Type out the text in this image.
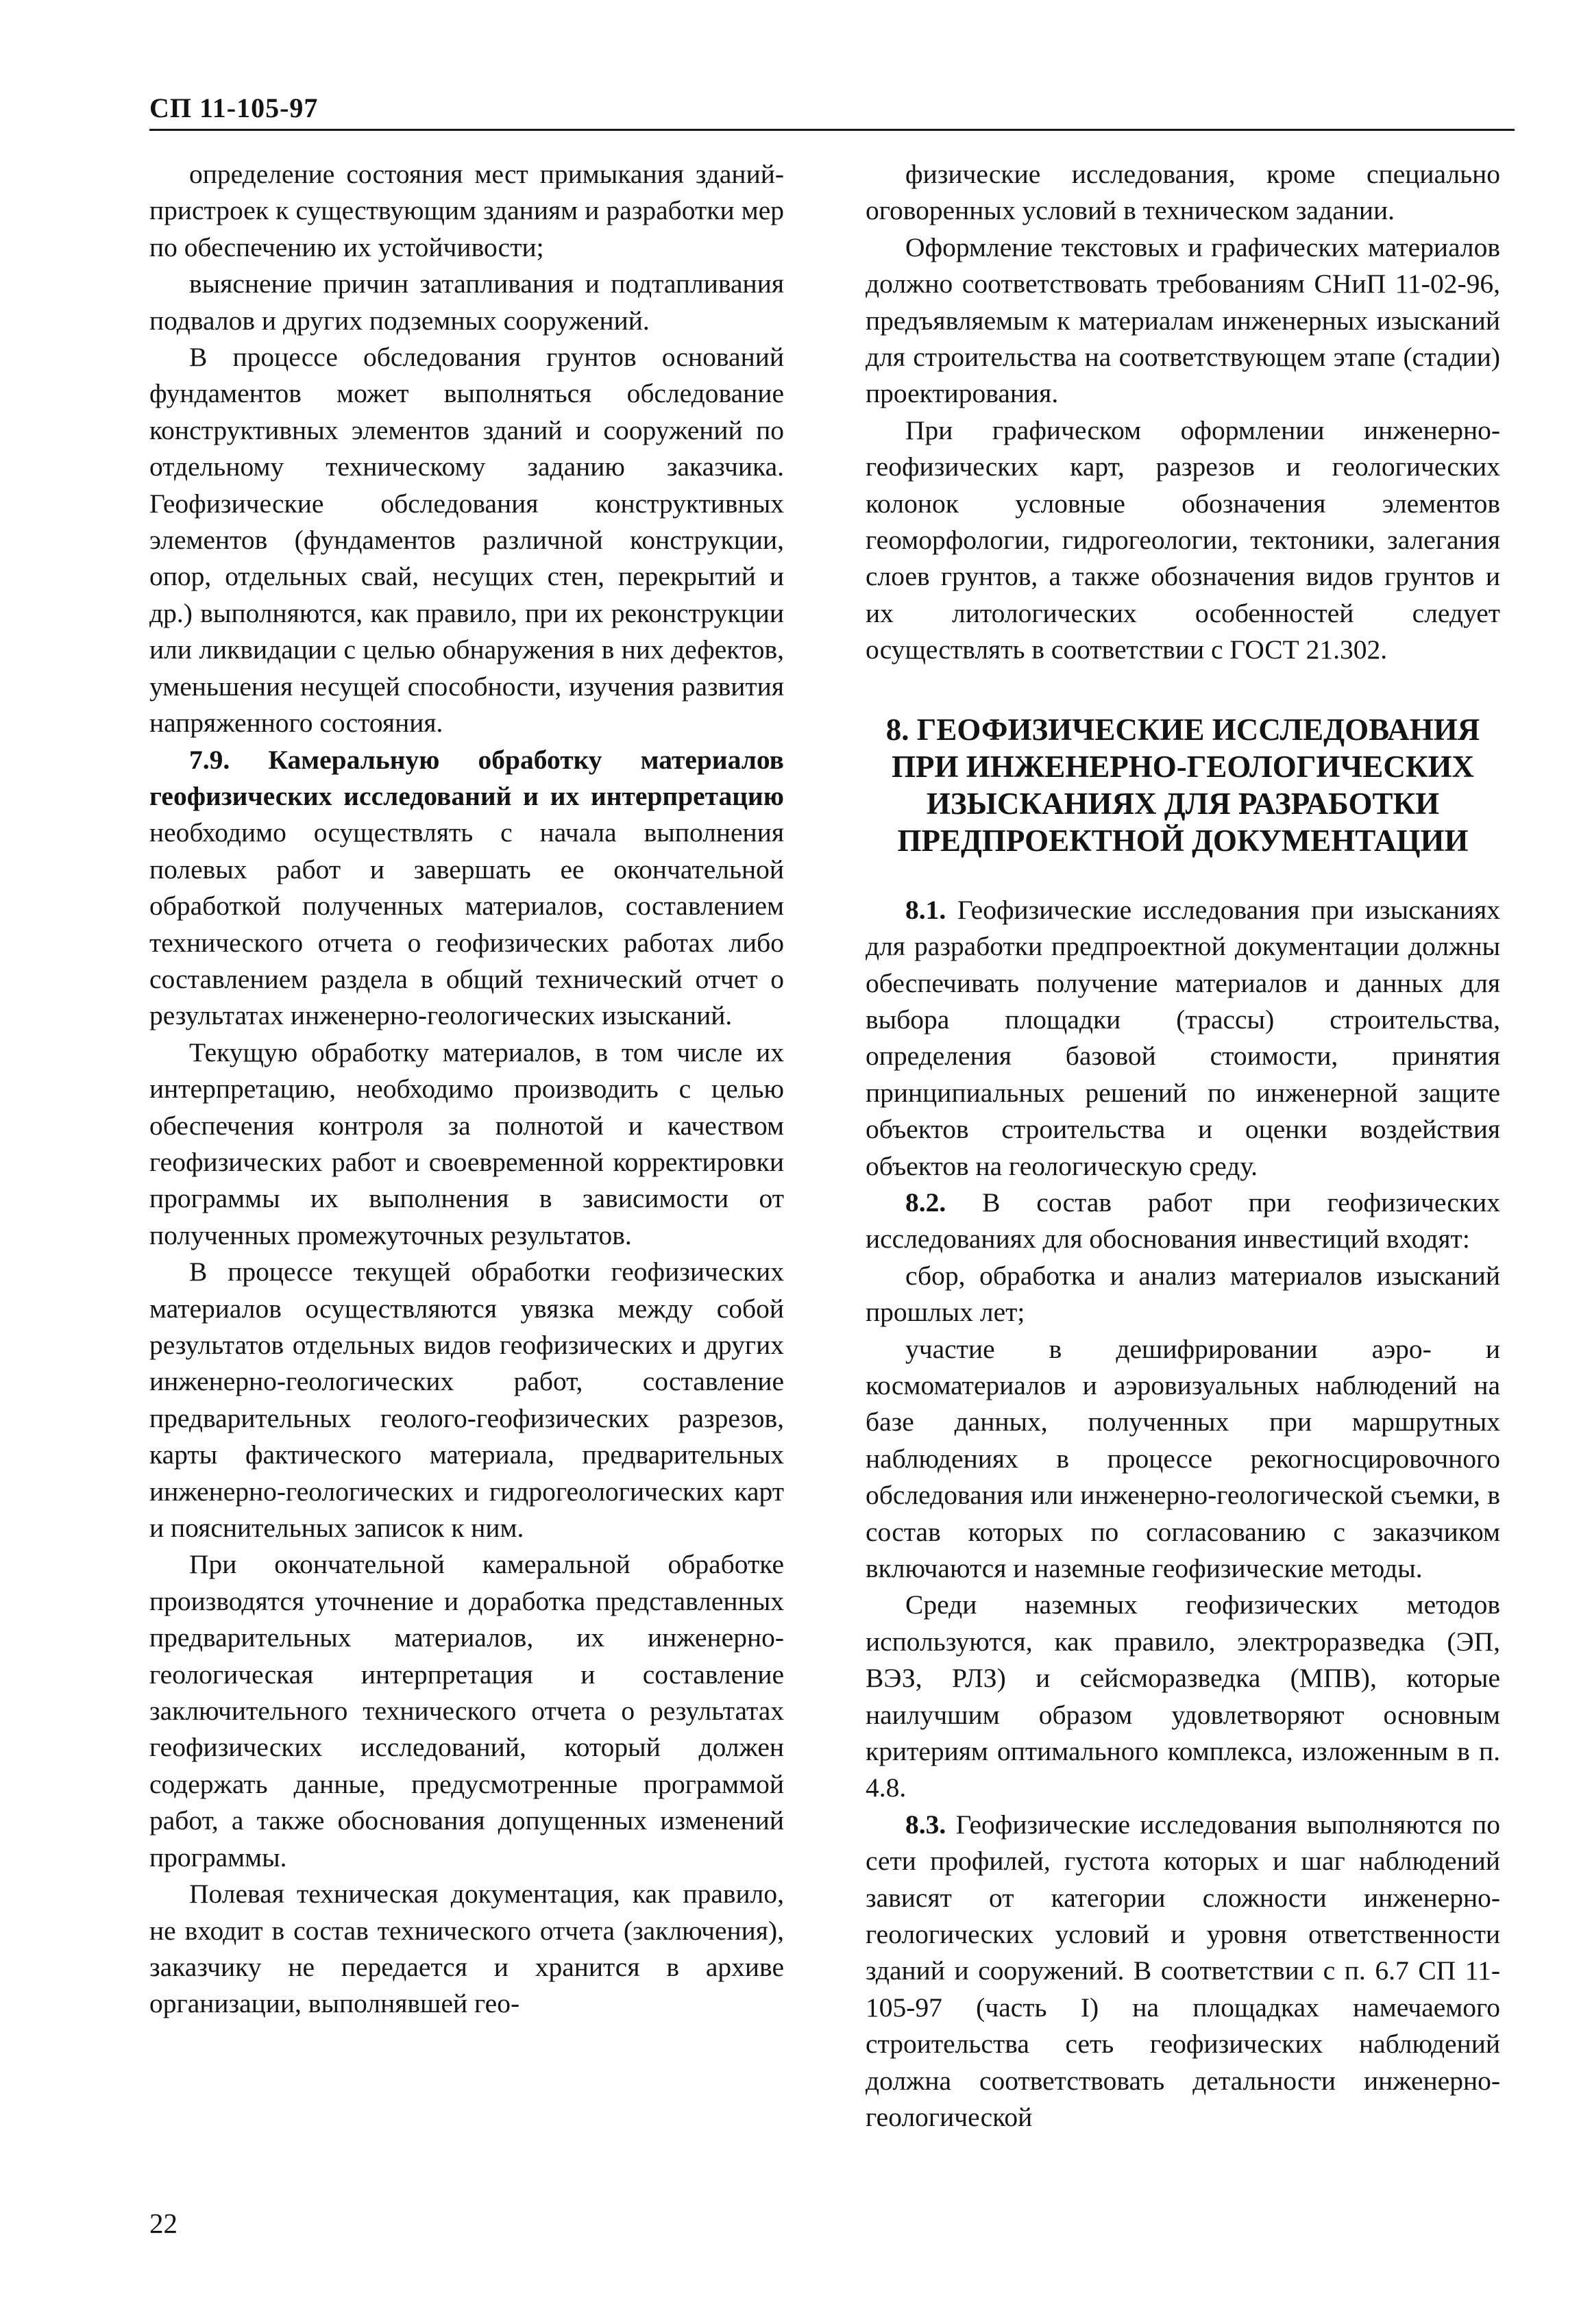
СП 11-105-97

определение состояния мест примыкания зданий-пристроек к существующим зданиям и разработки мер по обеспечению их устойчивости;

выяснение причин затапливания и подтапливания подвалов и других подземных сооружений.

В процессе обследования грунтов оснований фундаментов может выполняться обследование конструктивных элементов зданий и сооружений по отдельному техническому заданию заказчика. Геофизические обследования конструктивных элементов (фундаментов различной конструкции, опор, отдельных свай, несущих стен, перекрытий и др.) выполняются, как правило, при их реконструкции или ликвидации с целью обнаружения в них дефектов, уменьшения несущей способности, изучения развития напряженного состояния.

7.9. Камеральную обработку материалов геофизических исследований и их интерпретацию необходимо осуществлять с начала выполнения полевых работ и завершать ее окончательной обработкой полученных материалов, составлением технического отчета о геофизических работах либо составлением раздела в общий технический отчет о результатах инженерно-геологических изысканий.

Текущую обработку материалов, в том числе их интерпретацию, необходимо производить с целью обеспечения контроля за полнотой и качеством геофизических работ и своевременной корректировки программы их выполнения в зависимости от полученных промежуточных результатов.

В процессе текущей обработки геофизических материалов осуществляются увязка между собой результатов отдельных видов геофизических и других инженерно-геологических работ, составление предварительных геолого-геофизических разрезов, карты фактического материала, предварительных инженерно-геологических и гидрогеологических карт и пояснительных записок к ним.

При окончательной камеральной обработке производятся уточнение и доработка представленных предварительных материалов, их инженерно-геологическая интерпретация и составление заключительного технического отчета о результатах геофизических исследований, который должен содержать данные, предусмотренные программой работ, а также обоснования допущенных изменений программы.

Полевая техническая документация, как правило, не входит в состав технического отчета (заключения), заказчику не передается и хранится в архиве организации, выполнявшей гео-

физические исследования, кроме специально оговоренных условий в техническом задании.

Оформление текстовых и графических материалов должно соответствовать требованиям СНиП 11-02-96, предъявляемым к материалам инженерных изысканий для строительства на соответствующем этапе (стадии) проектирования.

При графическом оформлении инженерно-геофизических карт, разрезов и геологических колонок условные обозначения элементов геоморфологии, гидрогеологии, тектоники, залегания слоев грунтов, а также обозначения видов грунтов и их литологических особенностей следует осуществлять в соответствии с ГОСТ 21.302.

8. ГЕОФИЗИЧЕСКИЕ ИССЛЕДОВАНИЯ ПРИ ИНЖЕНЕРНО-ГЕОЛОГИЧЕСКИХ ИЗЫСКАНИЯХ ДЛЯ РАЗРАБОТКИ ПРЕДПРОЕКТНОЙ ДОКУМЕНТАЦИИ

8.1. Геофизические исследования при изысканиях для разработки предпроектной документации должны обеспечивать получение материалов и данных для выбора площадки (трассы) строительства, определения базовой стоимости, принятия принципиальных решений по инженерной защите объектов строительства и оценки воздействия объектов на геологическую среду.

8.2. В состав работ при геофизических исследованиях для обоснования инвестиций входят:

сбор, обработка и анализ материалов изысканий прошлых лет;

участие в дешифрировании аэро- и космоматериалов и аэровизуальных наблюдений на базе данных, полученных при маршрутных наблюдениях в процессе рекогносцировочного обследования или инженерно-геологической съемки, в состав которых по согласованию с заказчиком включаются и наземные геофизические методы.

Среди наземных геофизических методов используются, как правило, электроразведка (ЭП, ВЭЗ, РЛЗ) и сейсморазведка (МПВ), которые наилучшим образом удовлетворяют основным критериям оптимального комплекса, изложенным в п. 4.8.

8.3. Геофизические исследования выполняются по сети профилей, густота которых и шаг наблюдений зависят от категории сложности инженерно-геологических условий и уровня ответственности зданий и сооружений. В соответствии с п. 6.7 СП 11-105-97 (часть I) на площадках намечаемого строительства сеть геофизических наблюдений должна соответствовать детальности инженерно-геологической

22
